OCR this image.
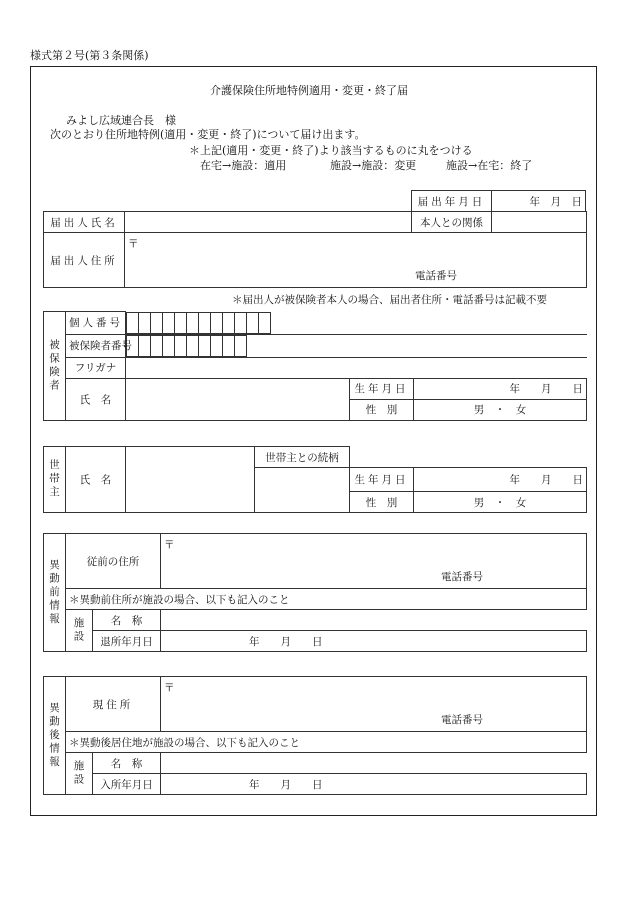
様式第２号(第３条関係)
介護保険住所地特例適用・変更・終了届
みよし広域連合長　様
次のとおり住所地特例(適用・変更・終了)について届け出ます。
＊上記(適用・変更・終了)より該当するものに丸をつける
在宅→施設：適用	施設→施設：変更	施設→在宅：終了
届出年月日	年　月　日
届出人氏名		本人との関係	
届出人住所	〒
電話番号		
＊届出人が被保険者本人の場合、届出者住所・電話番号は記載不要
被保険者	個人番号	

被保険者番号	

フリガナ	
氏　名		生年月日	年　　月　　日
性　別	男　・　女
世帯主	氏　名		世帯主との続柄		
				生年月日	年　　月　　日
				性　別	男　・　女
異動前情報	従前の住所		〒
電話番号

	＊異動前住所が施設の場合、以下も記入のこと		
	施設	名　称	
		退所年月日	年　　月　　日
異動後情報	現住所		〒
電話番号

	＊異動後居住地が施設の場合、以下も記入のこと		
	施設	名　称	
		入所年月日	年　　月　　日
